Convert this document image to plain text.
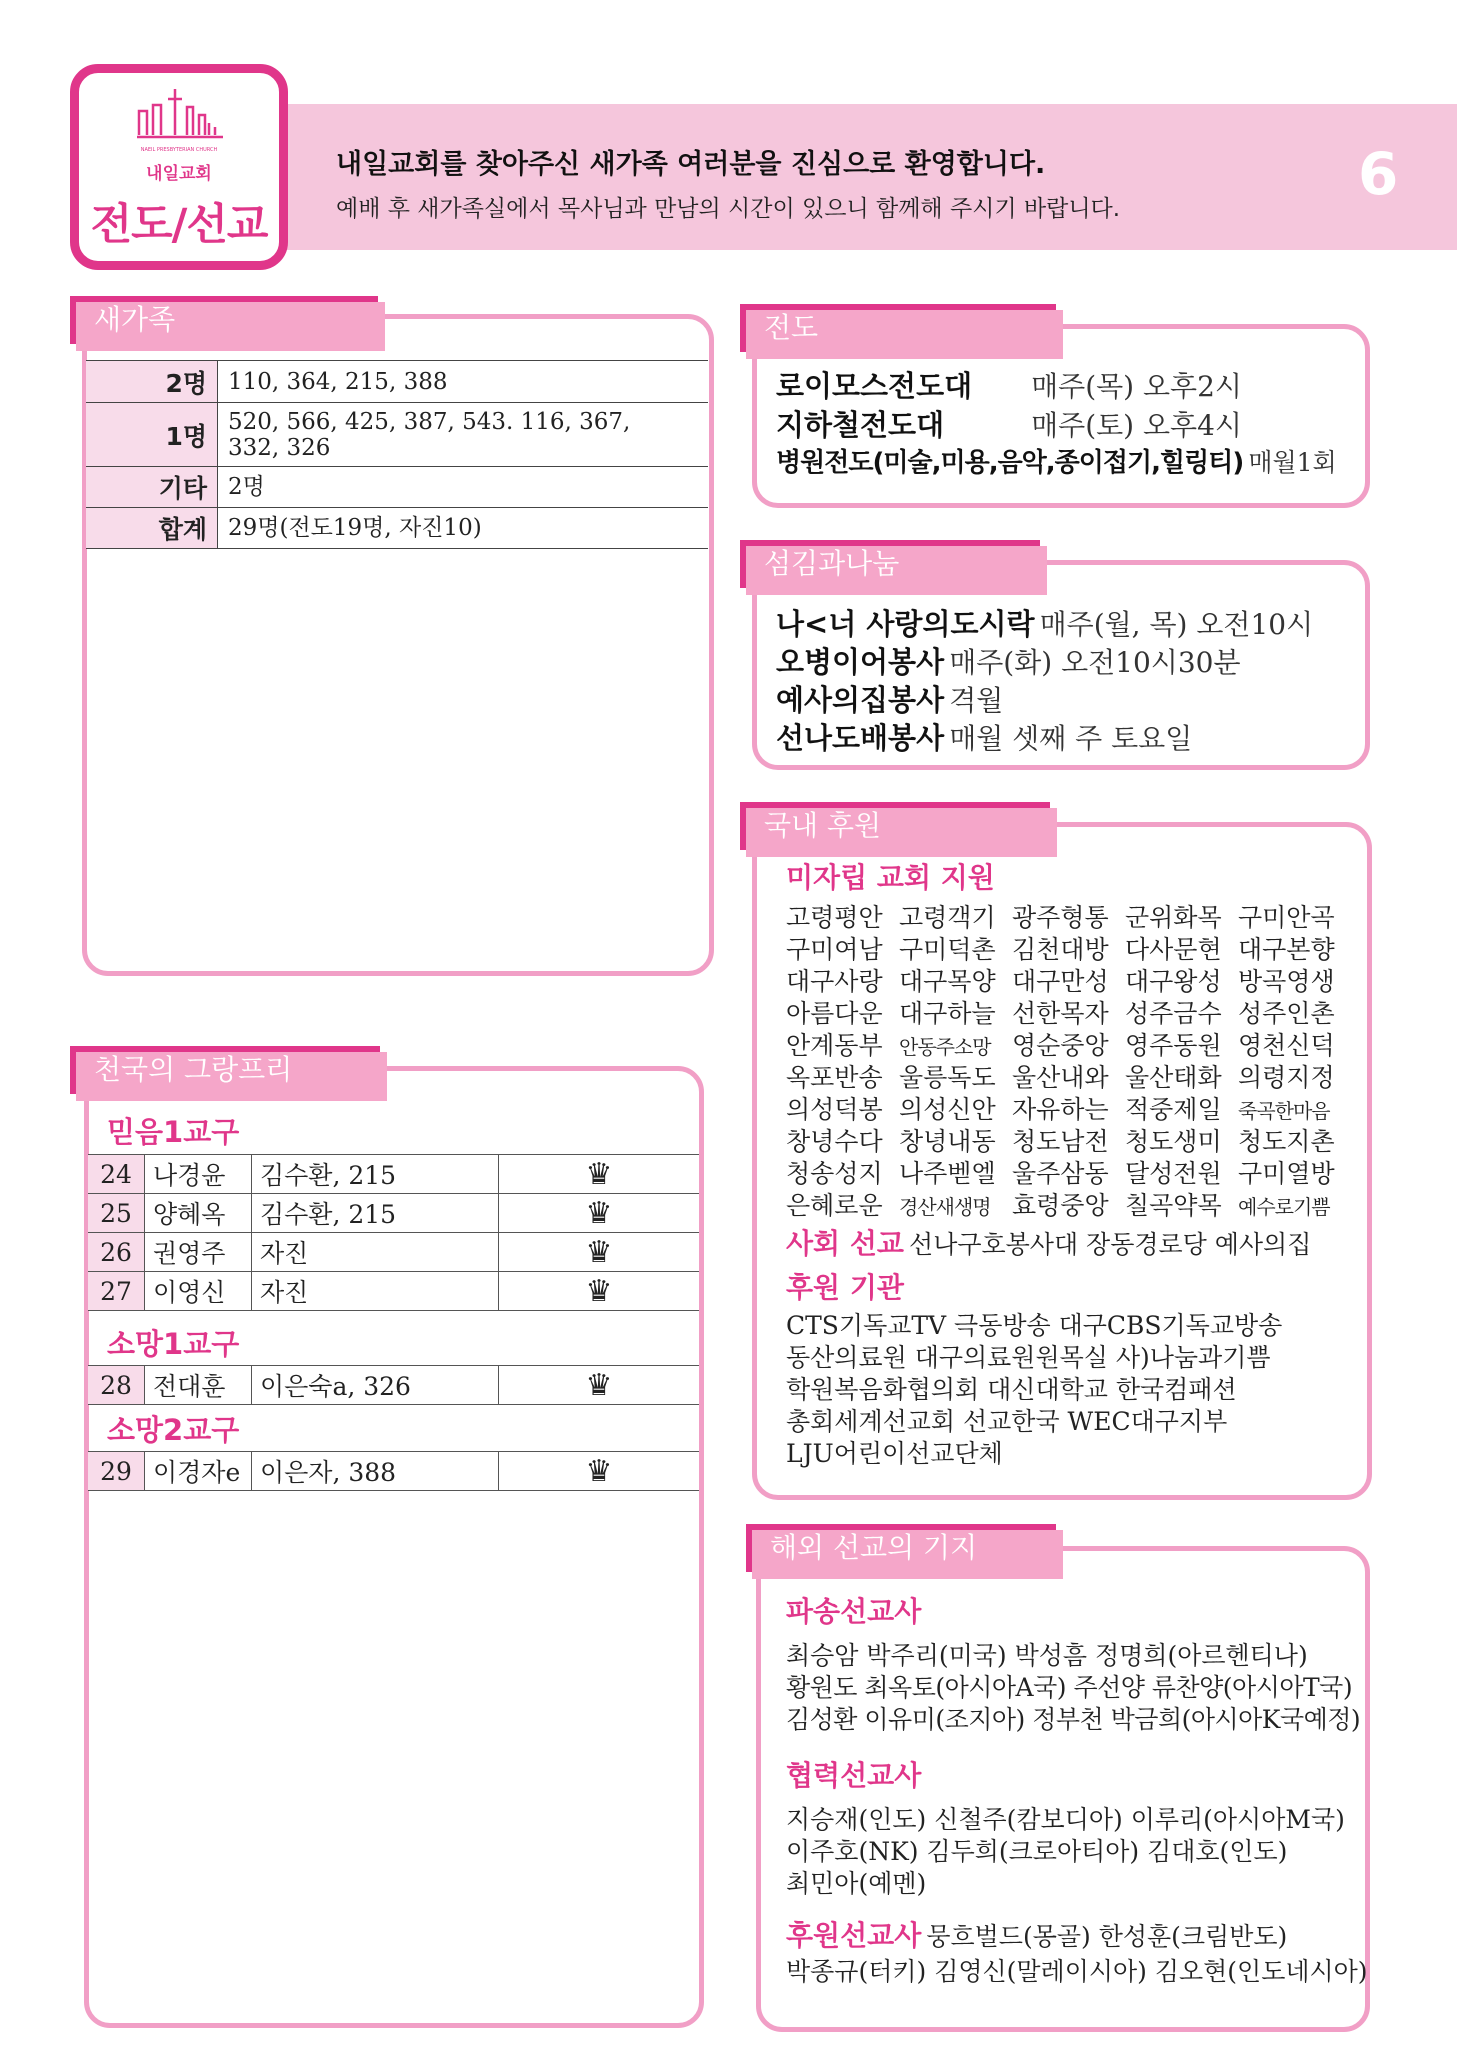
NAEIL PRESBYTERIAN CHURCH
내일교회
전도/선교
내일교회를 찾아주신 새가족 여러분을 진심으로 환영합니다.
예배 후 새가족실에서 목사님과 만남의 시간이 있으니 함께해 주시기 바랍니다.
6
새가족
2명	110, 364, 215, 388
1명	520, 566, 425, 387, 543. 116, 367,
332, 326
기타	2명
합계	29명(전도19명, 자진10)
천국의 그랑프리
믿음1교구
24	나경윤	김수환, 215	♛
25	양혜옥	김수환, 215	♛
26	권영주	자진	♛
27	이영신	자진	♛
소망1교구
28	전대훈	이은숙a, 326	♛
소망2교구
29	이경자e	이은자, 388	♛
전도
로이모스전도대 매주(목) 오후2시
지하철전도대	매주(토) 오후4시
병원전도(미술,미용,음악,종이접기,힐링티) 매월1회
섬김과나눔
나<너 사랑의도시락 매주(월, 목) 오전10시
오병이어봉사 매주(화) 오전10시30분
예사의집봉사 격월
선나도배봉사 매월 셋째 주 토요일
국내 후원
미자립 교회 지원
고령평안 고령객기 광주형통 군위화목 구미안곡
구미여남 구미덕촌 김천대방 다사문현 대구본향
대구사랑 대구목양 대구만성 대구왕성 방곡영생
아름다운 대구하늘 선한목자 성주금수 성주인촌
안계동부 안동주소망 영순중앙 영주동원 영천신덕
옥포반송 울릉독도 울산내와 울산태화 의령지정
의성덕봉 의성신안 자유하는 적중제일 죽곡한마음
창녕수다 창녕내동 청도남전 청도생미 청도지촌
청송성지 나주벧엘 울주삼동 달성전원 구미열방
은혜로운 경산새생명 효령중앙 칠곡약목 예수로기쁨
사회 선교 선나구호봉사대 장동경로당 예사의집
후원 기관
CTS기독교TV 극동방송 대구CBS기독교방송
동산의료원 대구의료원원목실 사)나눔과기쁨
학원복음화협의회 대신대학교 한국컴패션
총회세계선교회 선교한국 WEC대구지부
LJU어린이선교단체
해외 선교의 기지
파송선교사
최승암 박주리(미국) 박성흠 정명희(아르헨티나)
황원도 최옥토(아시아A국) 주선양 류찬양(아시아T국)
김성환 이유미(조지아) 정부천 박금희(아시아K국예정)
협력선교사
지승재(인도) 신철주(캄보디아) 이루리(아시아M국)
이주호(NK) 김두희(크로아티아) 김대호(인도)
최민아(예멘)
후원선교사 뭉흐벌드(몽골) 한성훈(크림반도)
박종규(터키) 김영신(말레이시아) 김오현(인도네시아)
